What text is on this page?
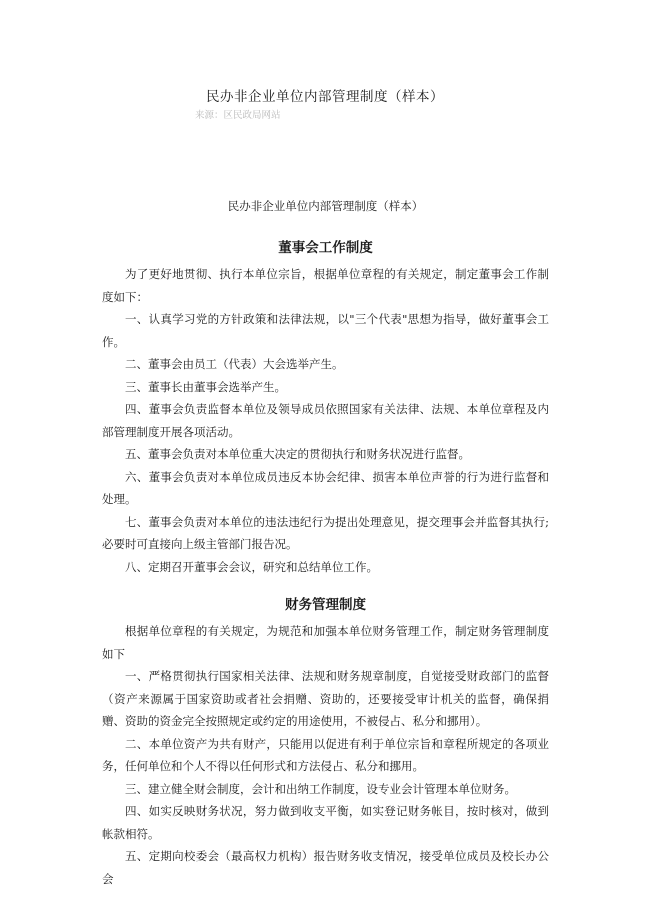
民办非企业单位内部管理制度（样本）
来源：区民政局网站
民办非企业单位内部管理制度（样本）
董事会工作制度

为了更好地贯彻、执行本单位宗旨，根据单位章程的有关规定，制定董事会工作制度如下：

一、认真学习党的方针政策和法律法规，以"三个代表"思想为指导，做好董事会工作。

二、董事会由员工（代表）大会选举产生。

三、董事长由董事会选举产生。

四、董事会负责监督本单位及领导成员依照国家有关法律、法规、本单位章程及内部管理制度开展各项活动。

五、董事会负责对本单位重大决定的贯彻执行和财务状况进行监督。

六、董事会负责对本单位成员违反本协会纪律、损害本单位声誉的行为进行监督和处理。

七、董事会负责对本单位的违法违纪行为提出处理意见，提交理事会并监督其执行; 必要时可直接向上级主管部门报告况。

八、定期召开董事会会议，研究和总结单位工作。

财务管理制度

根据单位章程的有关规定，为规范和加强本单位财务管理工作，制定财务管理制度如下

一、严格贯彻执行国家相关法律、法规和财务规章制度，自觉接受财政部门的监督（资产来源属于国家资助或者社会捐赠、资助的，还要接受审计机关的监督，确保捐赠、资助的资金完全按照规定或约定的用途使用，不被侵占、私分和挪用）。

二、本单位资产为共有财产，只能用以促进有利于单位宗旨和章程所规定的各项业务，任何单位和个人不得以任何形式和方法侵占、私分和挪用。

三、建立健全财会制度，会计和出纳工作制度，设专业会计管理本单位财务。

四、如实反映财务状况，努力做到收支平衡，如实登记财务帐目，按时核对，做到帐款相符。

五、定期向校委会（最高权力机构）报告财务收支情况，接受单位成员及校长办公会
